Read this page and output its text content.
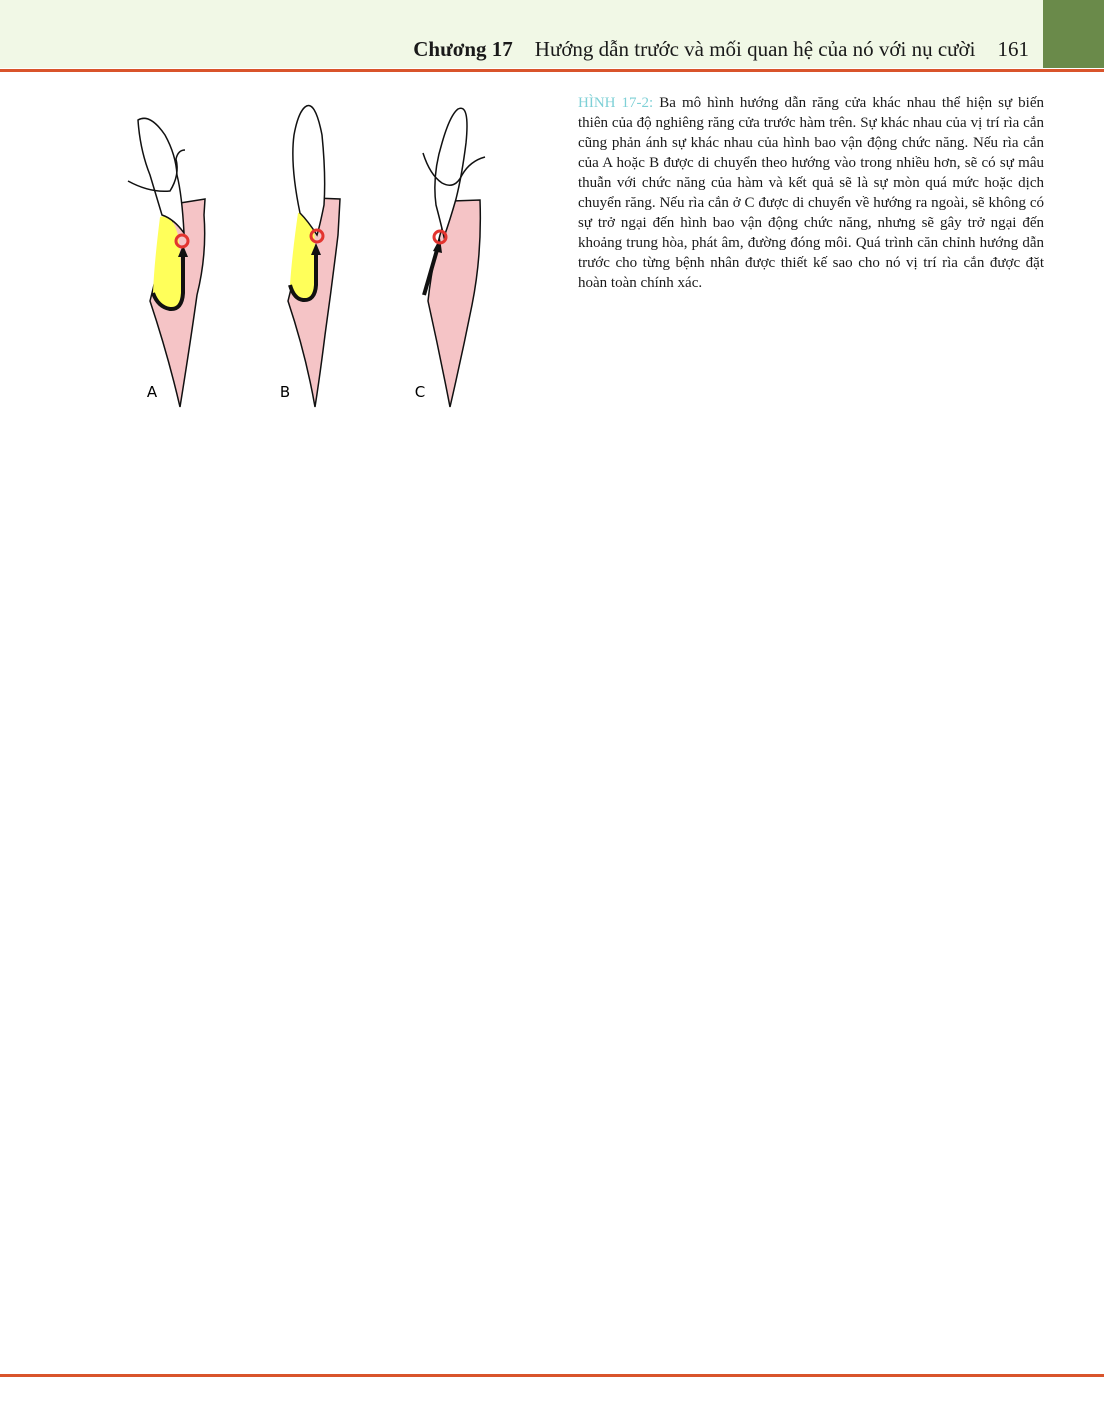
Chương 17 Hướng dẫn trước và mối quan hệ của nó với nụ cười 161
A	B	C
HÌNH 17-2: Ba mô hình hướng dẫn răng cửa khác nhau thể hiện sự biến thiên của độ nghiêng răng cửa trước hàm trên. Sự khác nhau của vị trí rìa cắn cũng phản ánh sự khác nhau của hình bao vận động chức năng. Nếu rìa cắn của A hoặc B được di chuyển theo hướng vào trong nhiều hơn, sẽ có sự mâu thuẫn với chức năng của hàm và kết quả sẽ là sự mòn quá mức hoặc dịch chuyển răng. Nếu rìa cắn ở C được di chuyển về hướng ra ngoài, sẽ không có sự trở ngại đến hình bao vận động chức năng, nhưng sẽ gây trở ngại đến khoảng trung hòa, phát âm, đường đóng môi. Quá trình căn chỉnh hướng dẫn trước cho từng bệnh nhân được thiết kế sao cho nó vị trí rìa cắn được đặt hoàn toàn chính xác.
